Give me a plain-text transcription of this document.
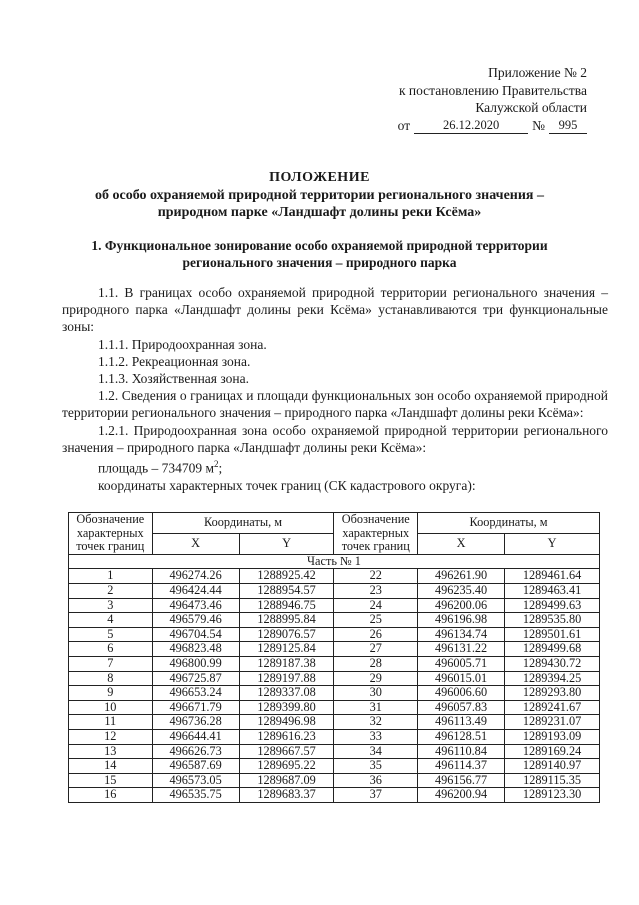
Приложение № 2
к постановлению Правительства
Калужской области
от	26.12.2020	№	995
ПОЛОЖЕНИЕ
об особо охраняемой природной территории регионального значения –
природном парке «Ландшафт долины реки Ксёма»
1. Функциональное зонирование особо охраняемой природной территории
регионального значения – природного парка
1.1. В границах особо охраняемой природной территории регионального значения – природного парка «Ландшафт долины реки Ксёма» устанавливаются три функциональные зоны:
1.1.1. Природоохранная зона.
1.1.2. Рекреационная зона.
1.1.3. Хозяйственная зона.
1.2. Сведения о границах и площади функциональных зон особо охраняемой природной территории регионального значения – природного парка «Ландшафт долины реки Ксёма»:
1.2.1. Природоохранная зона особо охраняемой природной территории регионального значения – природного парка «Ландшафт долины реки Ксёма»:
площадь – 734709 $м^2$;
координаты характерных точек границ (СК кадастрового округа):
Обозначение характерных точек границ	Координаты, м		Обозначение характерных точек границ	Координаты, м	
	X	Y		X	Y
Часть № 1					
1	496274.26	1288925.42	22	496261.90	1289461.64
2	496424.44	1288954.57	23	496235.40	1289463.41
3	496473.46	1288946.75	24	496200.06	1289499.63
4	496579.46	1288995.84	25	496196.98	1289535.80
5	496704.54	1289076.57	26	496134.74	1289501.61
6	496823.48	1289125.84	27	496131.22	1289499.68
7	496800.99	1289187.38	28	496005.71	1289430.72
8	496725.87	1289197.88	29	496015.01	1289394.25
9	496653.24	1289337.08	30	496006.60	1289293.80
10	496671.79	1289399.80	31	496057.83	1289241.67
11	496736.28	1289496.98	32	496113.49	1289231.07
12	496644.41	1289616.23	33	496128.51	1289193.09
13	496626.73	1289667.57	34	496110.84	1289169.24
14	496587.69	1289695.22	35	496114.37	1289140.97
15	496573.05	1289687.09	36	496156.77	1289115.35
16	496535.75	1289683.37	37	496200.94	1289123.30
